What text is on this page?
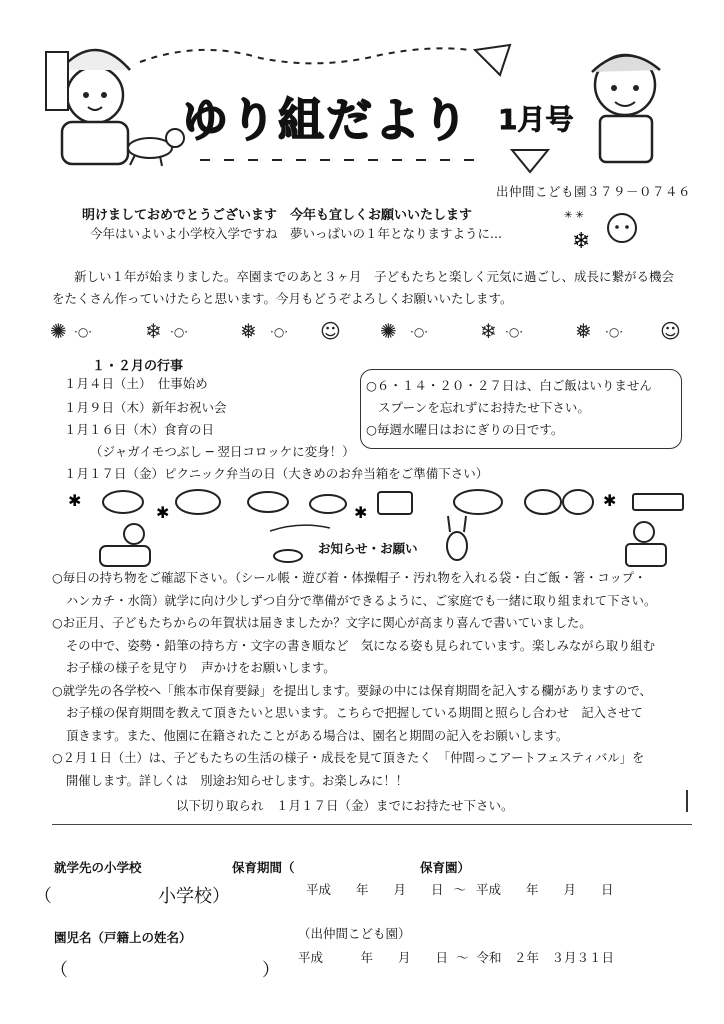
ゆり組だより 1月号
出仲間こども園３７９－０７４６
明けましておめでとうございます　今年も宜しくお願いいたします
今年はいよいよ小学校入学ですね　夢いっぱいの１年となりますように...	❄
✳ ✳
新しい１年が始まりました。卒園までのあと３ヶ月　子どもたちと楽しく元気に過ごし、成長に繋がる機会
をたくさん作っていけたらと思います。今月もどうぞよろしくお願いいたします。
✺ ·○·	❄ ·○·	❅ ·○· ☺ ✺ ·○·	❄ ·○·	❅ ·○· ☺
１・２月の行事
１月４日（土）　仕事始め
１月９日（木）新年お祝い会
１月１６日（木）食育の日
（ジャガイモつぶし ─ 翌日コロッケに変身！）
１月１７日（金）ピクニック弁当の日（大きめのお弁当箱をご準備下さい）
○６・１４・２０・２７日は、白ご飯はいりません
スプーンを忘れずにお持たせ下さい。
○毎週水曜日はおにぎりの日です。
✱
✱	✱
✱
お知らせ・お願い
○毎日の持ち物をご確認下さい。（シール帳・遊び着・体操帽子・汚れ物を入れる袋・白ご飯・箸・コップ・
ハンカチ・水筒）就学に向け少しずつ自分で準備ができるように、ご家庭でも一緒に取り組まれて下さい。
○お正月、子どもたちからの年賀状は届きましたか？文字に関心が高まり喜んで書いていました。
その中で、姿勢・鉛筆の持ち方・文字の書き順など　気になる姿も見られています。楽しみながら取り組む
お子様の様子を見守り　声かけをお願いします。
○就学先の各学校へ「熊本市保育要録」を提出します。要録の中には保育期間を記入する欄がありますので、
お子様の保育期間を教えて頂きたいと思います。こちらで把握している期間と照らし合わせ　記入させて
頂きます。また、他園に在籍されたことがある場合は、園名と期間の記入をお願いします。
○２月１日（土）は、子どもたちの生活の様子・成長を見て頂きたく　「仲間っこアートフェスティバル」を
開催します。詳しくは　別途お知らせします。お楽しみに！！
以下切り取られ　１月１７日（金）までにお持たせ下さい。
就学先の小学校	保育期間（	保育園）
（	小学校）	平成　　年　　月　　日 ～ 平成　　年　　月　　日
園児名（戸籍上の姓名）	（出仲間こども園）
（	）
平成　　　年　　月　　日 ～ 令和　２年　３月３１日
